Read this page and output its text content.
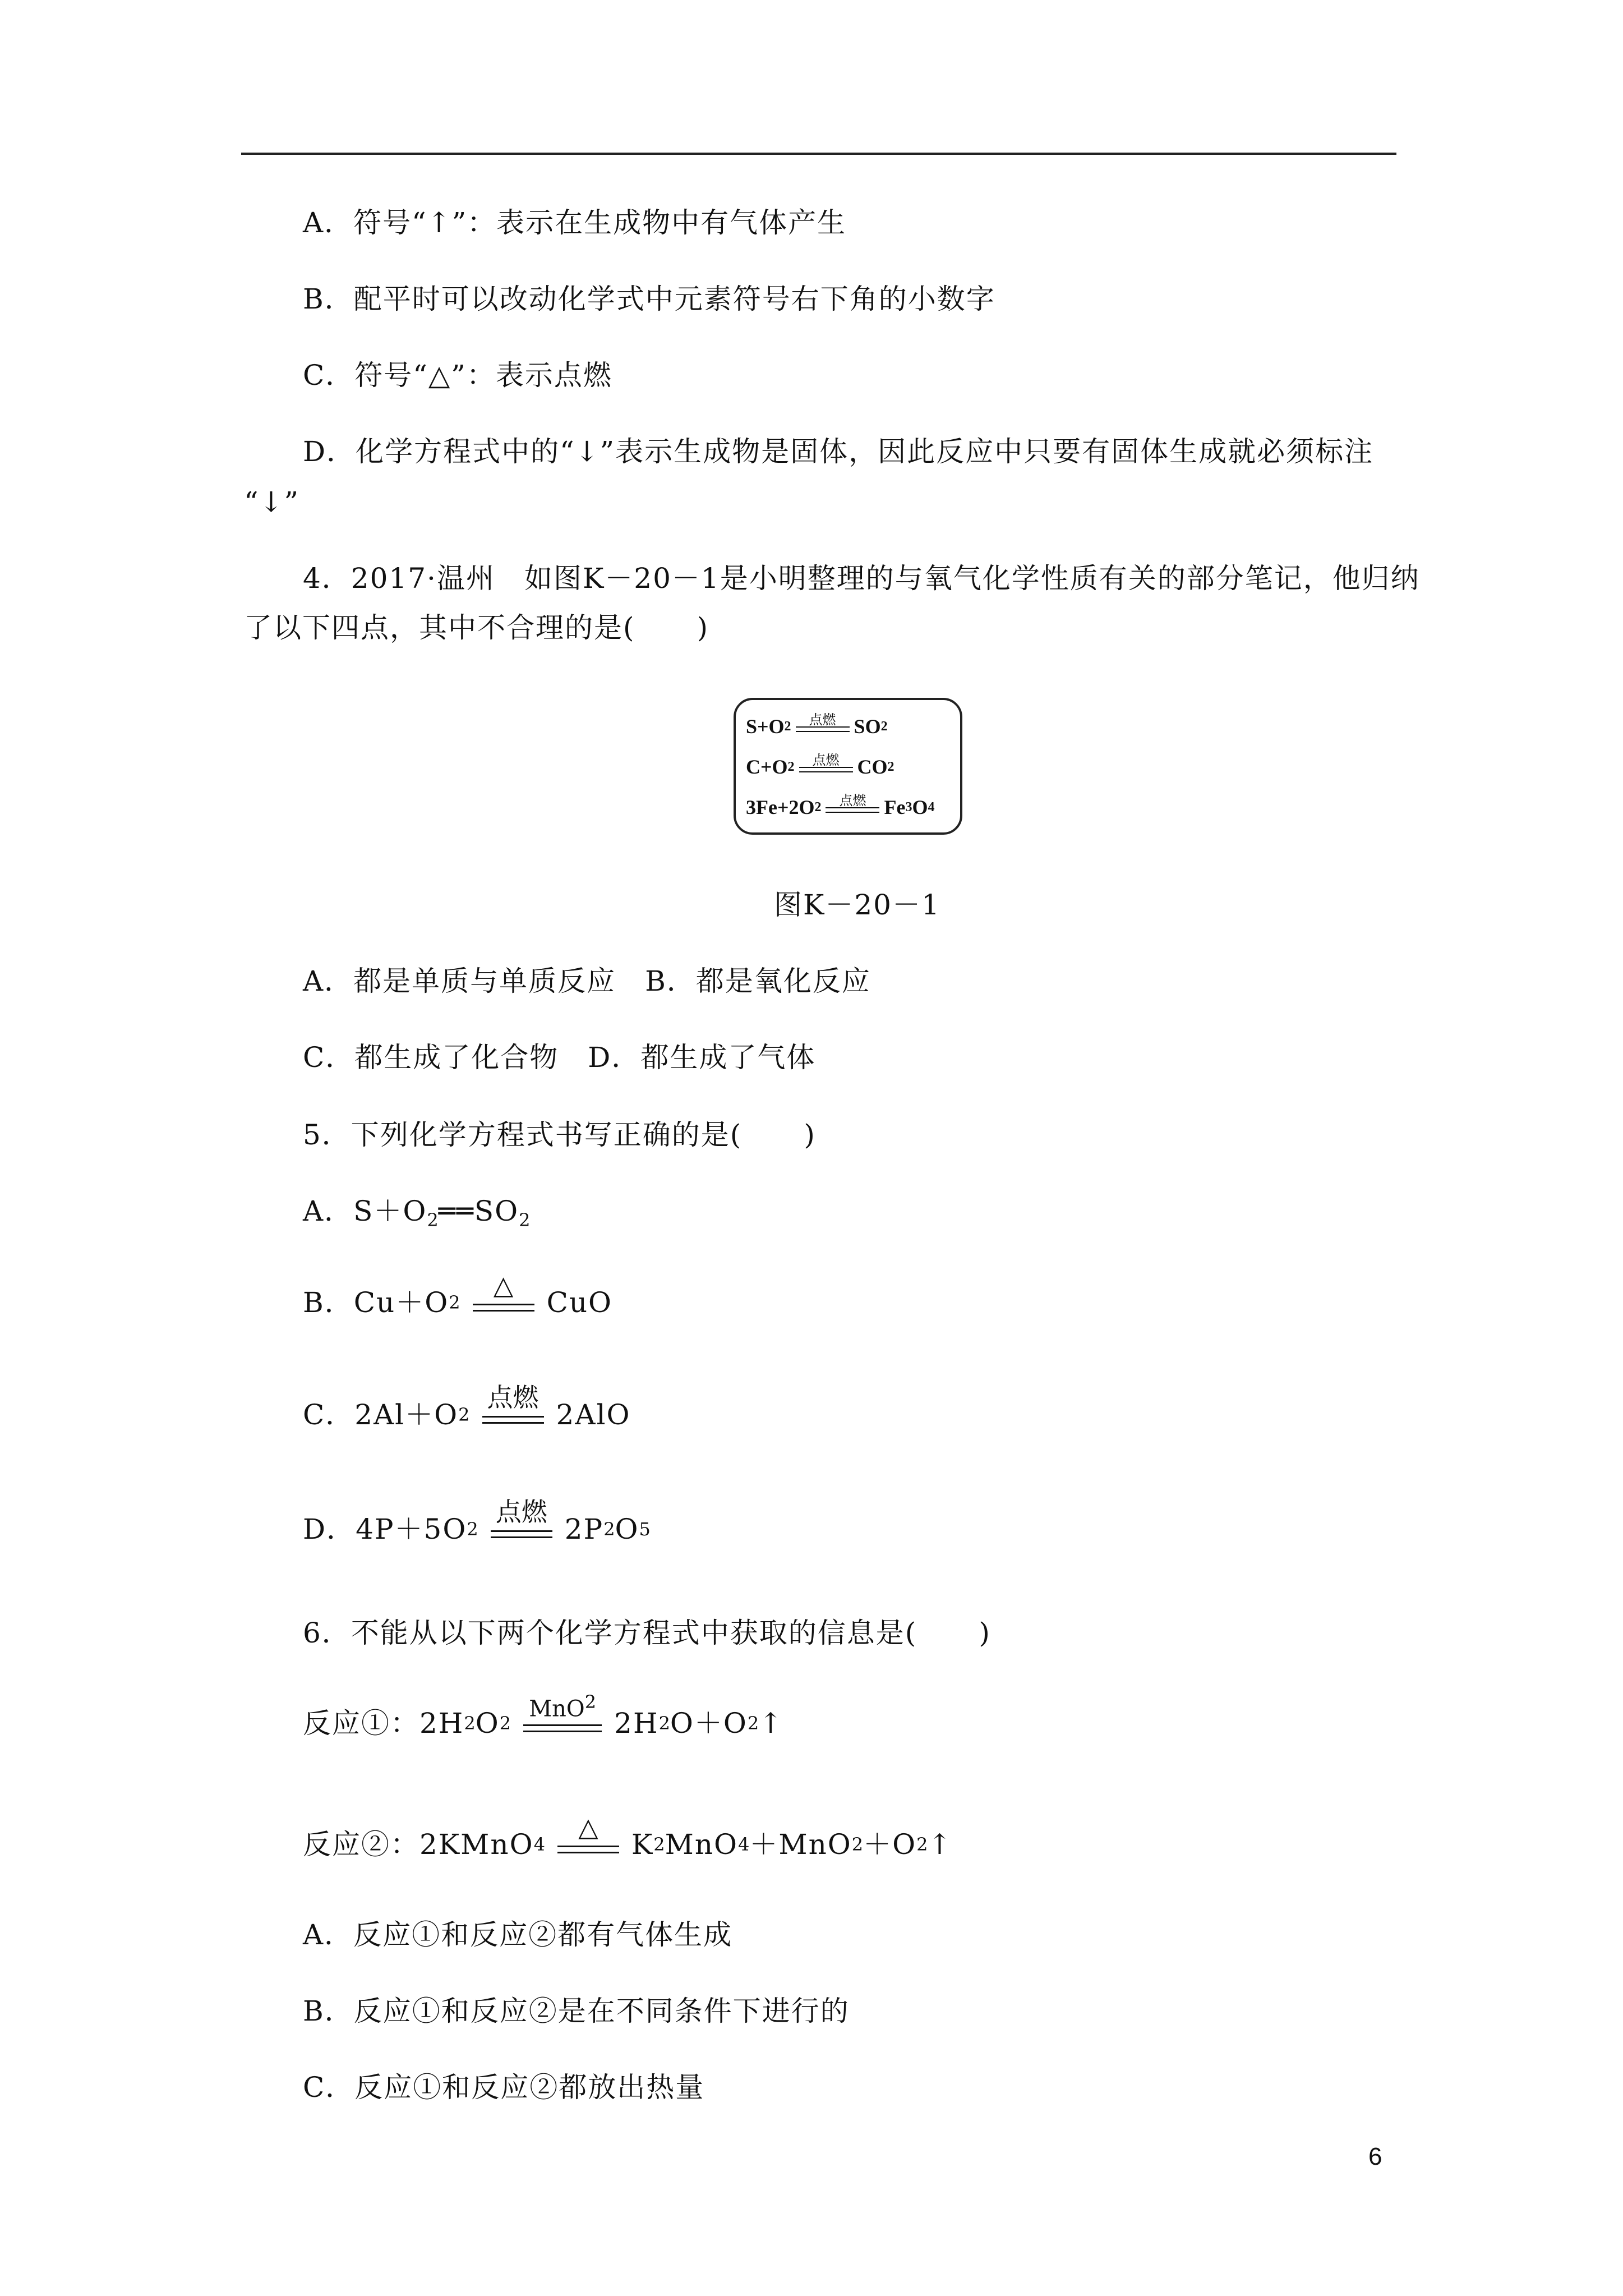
A．符号“↑”：表示在生成物中有气体产生
B．配平时可以改动化学式中元素符号右下角的小数字
C．符号“△”：表示点燃
D．化学方程式中的“↓”表示生成物是固体，因此反应中只要有固体生成就必须标注
“↓”
4．2017·温州　如图K－20－1是小明整理的与氧气化学性质有关的部分笔记，他归纳
了以下四点，其中不合理的是( )
S+O 2	点燃 SO 2
C+O 2	点燃 CO 2
3Fe+2O 2	点燃 Fe 3 O 4
图K－20－1
A．都是单质与单质反应　B．都是氧化反应
C．都生成了化合物　D．都生成了气体
5．下列化学方程式书写正确的是( )
A．$S+O_2══SO_2$
B．Cu＋O 2
△
CuO
C．2Al＋O 2
点燃
2AlO
D．4P＋5O 2
点燃
2P 2 O 5
6．不能从以下两个化学方程式中获取的信息是( )
反应①：2H 2 O 2
MnO$^2$
2H 2 O＋O 2 ↑
反应②：2KMnO 4
△
K 2 MnO 4 ＋MnO 2 ＋O 2 ↑
A．反应①和反应②都有气体生成
B．反应①和反应②是在不同条件下进行的
C．反应①和反应②都放出热量
6
